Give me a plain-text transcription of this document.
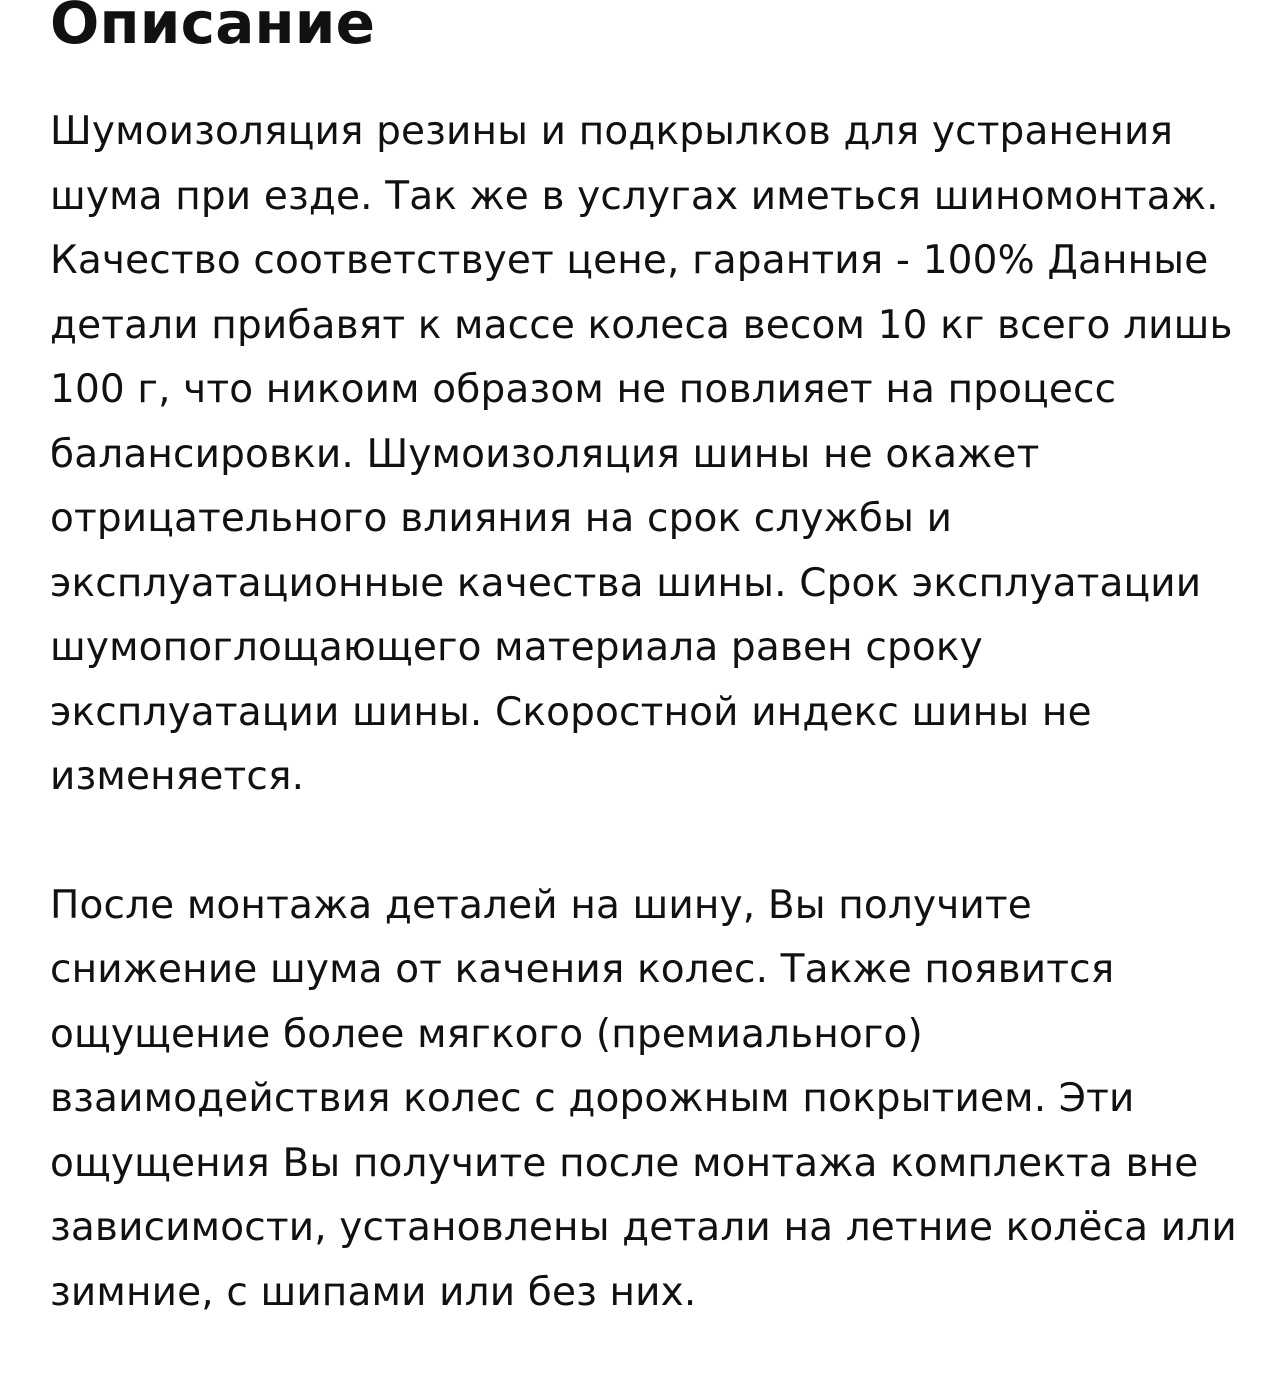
Описание

Шумоизоляция резины и подкрылков для устранения шума при езде. Так же в услугах иметься шиномонтаж. Качество соответствует цене, гарантия - 100% Данные детали прибавят к массе колеса весом 10 кг всего лишь 100 г, что никоим образом не повлияет на процесс балансировки. Шумоизоляция шины не окажет отрицательного влияния на срок службы и эксплуатационные качества шины. Срок эксплуатации шумопоглощающего материала равен сроку эксплуатации шины. Скоростной индекс шины не изменяется.

После монтажа деталей на шину, Вы получите снижение шума от качения колес. Также появится ощущение более мягкого (премиального) взаимодействия колес с дорожным покрытием. Эти ощущения Вы получите после монтажа комплекта вне зависимости, установлены детали на летние колёса или зимние, с шипами или без них.
